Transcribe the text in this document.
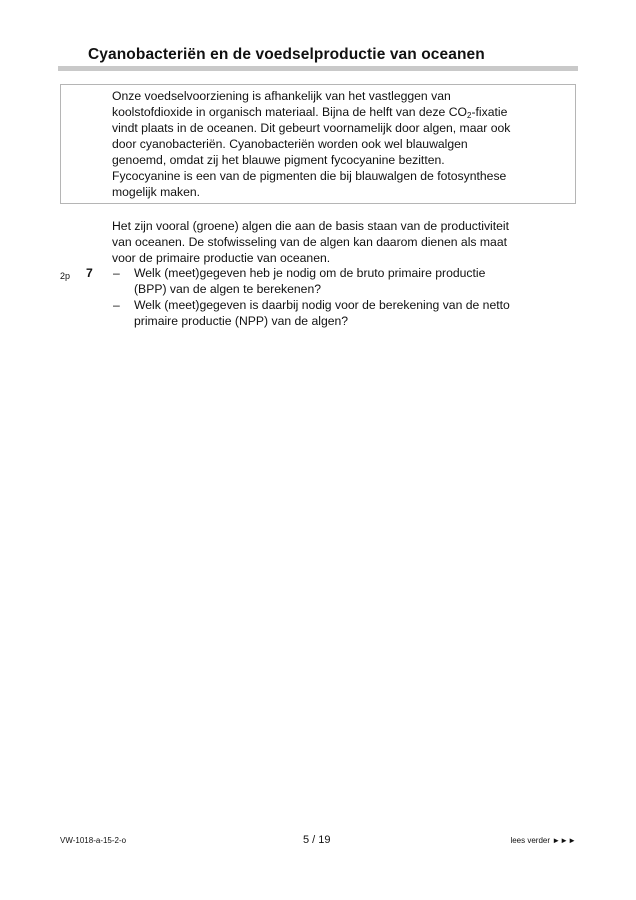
Cyanobacteriën en de voedselproductie van oceanen
Onze voedselvoorziening is afhankelijk van het vastleggen van
koolstofdioxide in organisch materiaal. Bijna de helft van deze $CO_2$-fixatie
vindt plaats in de oceanen. Dit gebeurt voornamelijk door algen, maar ook
door cyanobacteriën. Cyanobacteriën worden ook wel blauwalgen
genoemd, omdat zij het blauwe pigment fycocyanine bezitten.
Fycocyanine is een van de pigmenten die bij blauwalgen de fotosynthese
mogelijk maken.
Het zijn vooral (groene) algen die aan de basis staan van de productiviteit
van oceanen. De stofwisseling van de algen kan daarom dienen als maat
voor de primaire productie van oceanen.
2p 7 – Welk (meet)gegeven heb je nodig om de bruto primaire productie
(BPP) van de algen te berekenen?
– Welk (meet)gegeven is daarbij nodig voor de berekening van de netto
primaire productie (NPP) van de algen?
VW-1018-a-15-2-o	5 / 19	lees verder ►►►
